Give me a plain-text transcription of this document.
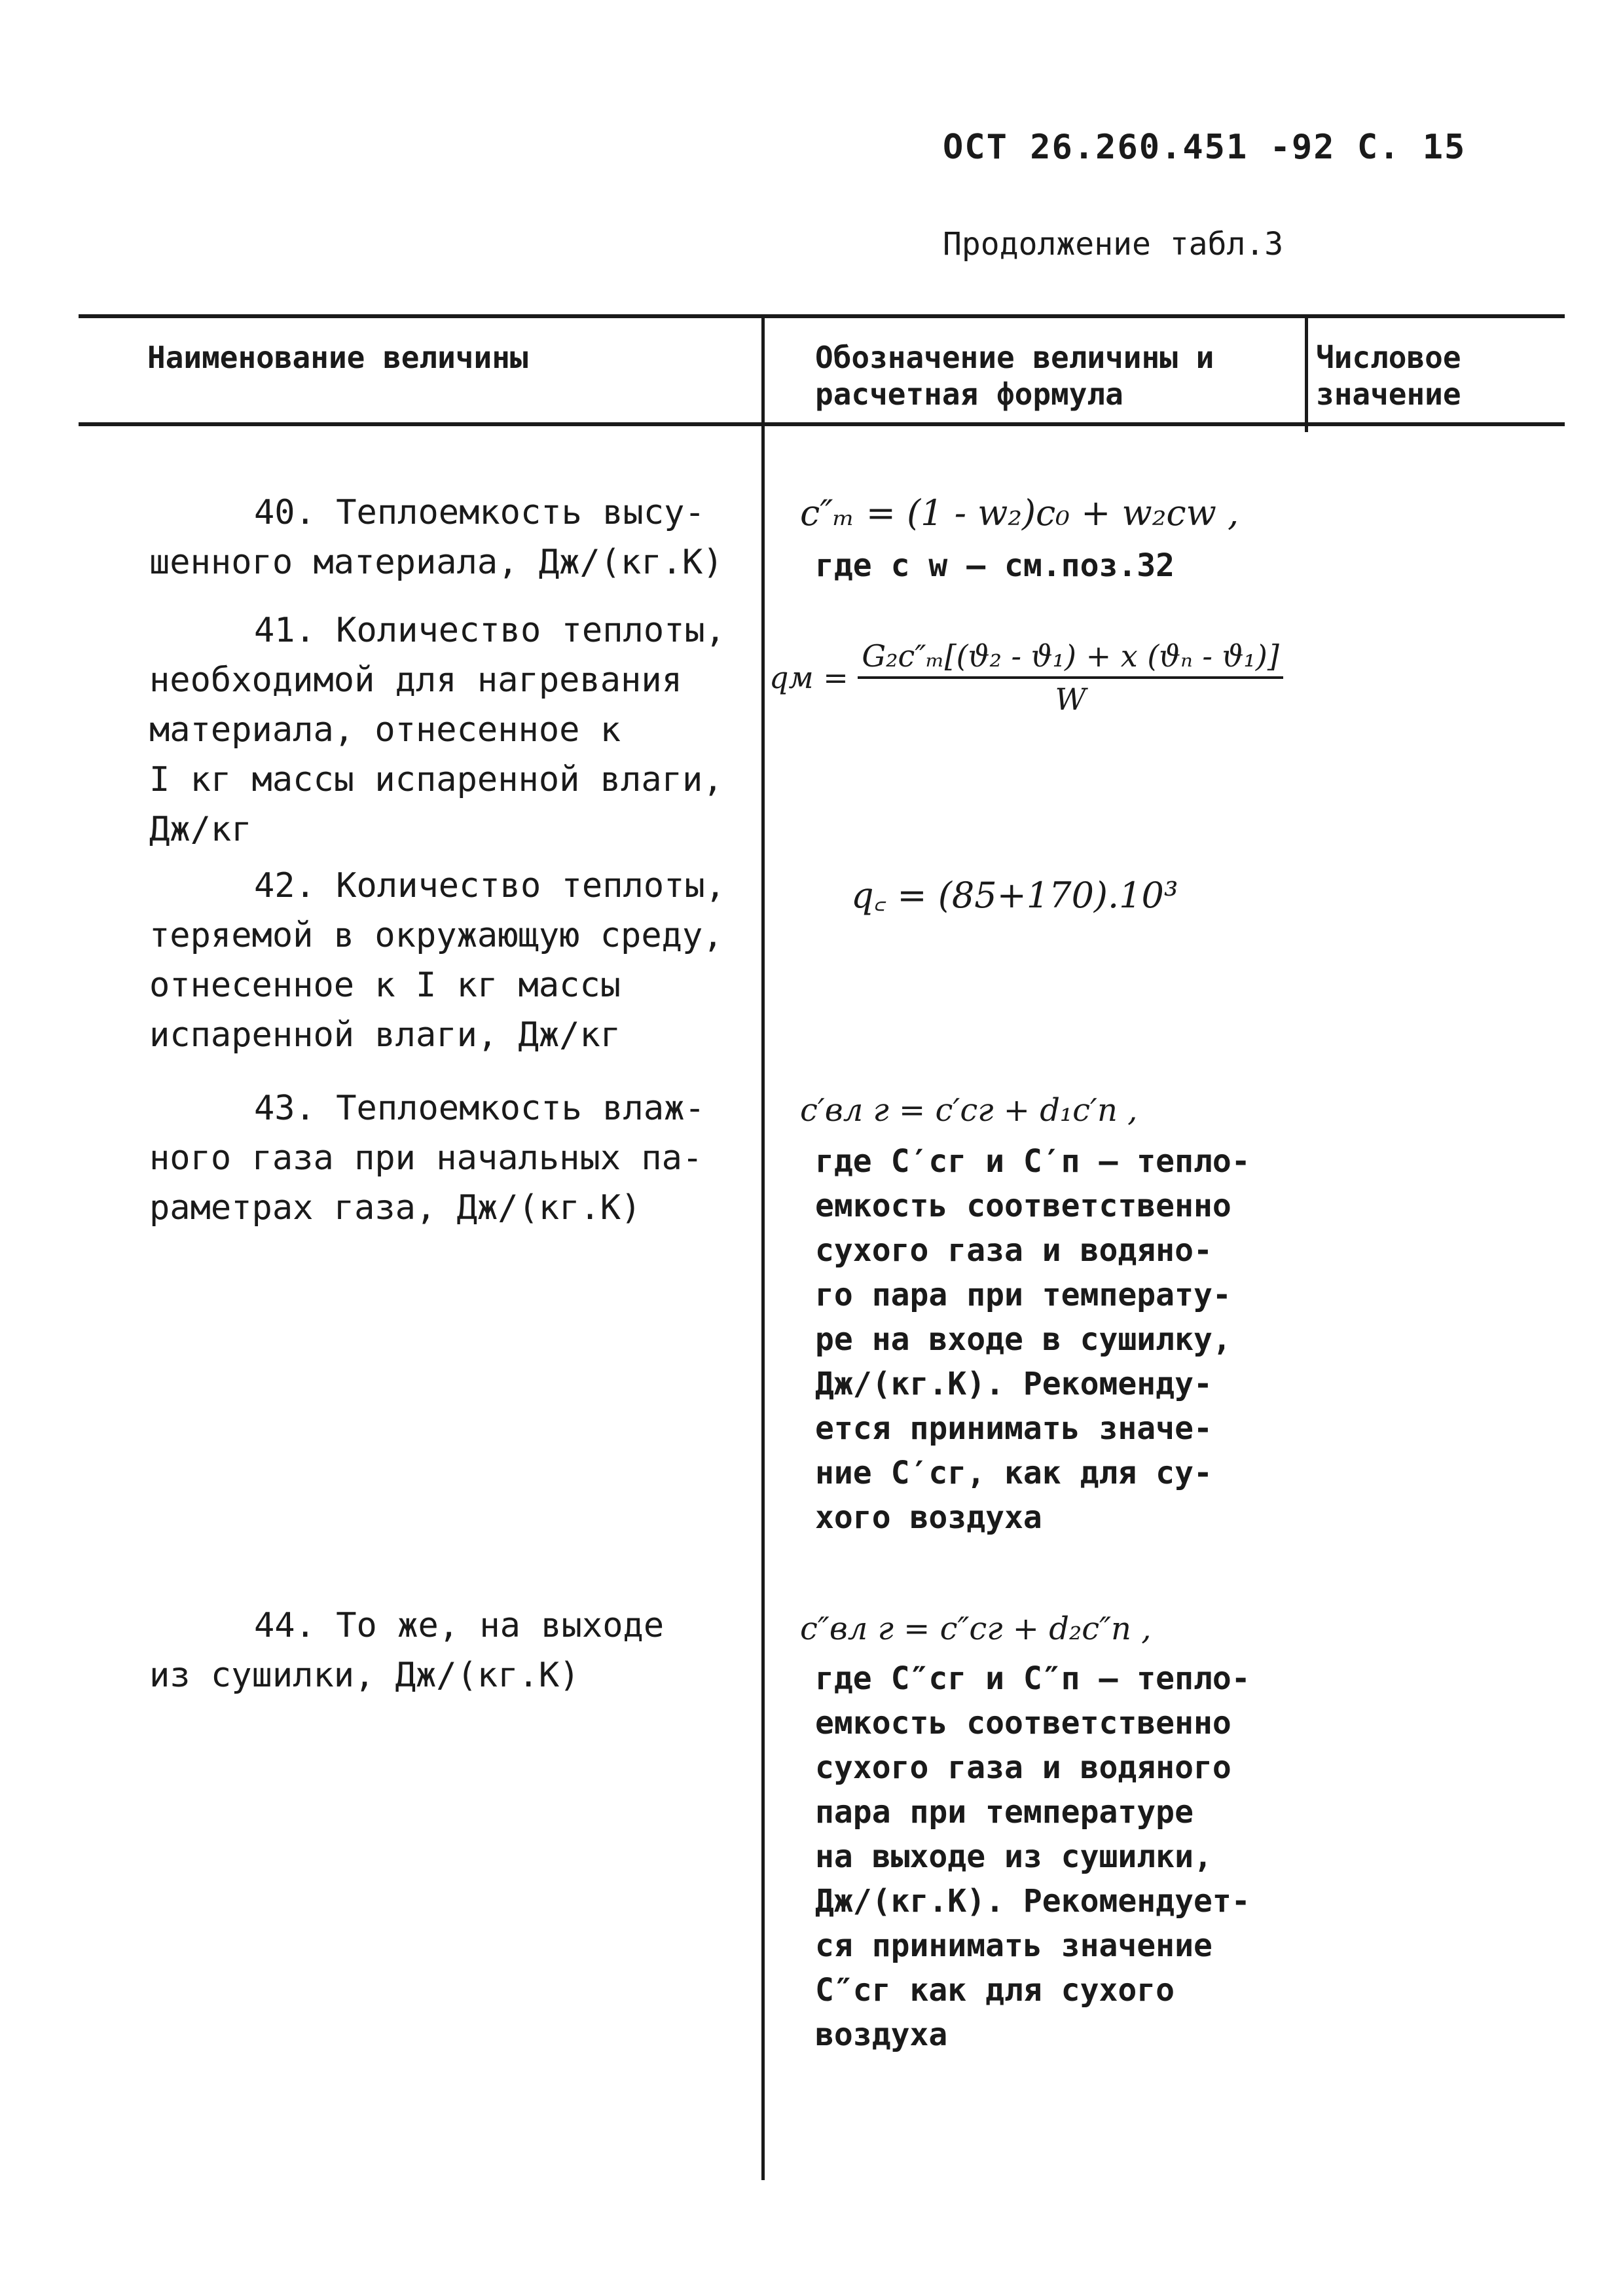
ОСТ 26.260.451 -92 С. 15
Продолжение табл.3
Наименование величины	Обозначение величины и расчетная формула
Числовое значение

40. Теплоемкость высу-

шенного материала, Дж/(кг.К)

c″ₘ = (1 - w₂)c₀ + w₂cw ,
где c w – см.поз.32

41. Количество теплоты,

необходимой для нагревания

материала, отнесенное к

I кг массы испаренной влаги,

Дж/кг

qм = $\frac{\text{G₂c″ₘ[(ϑ₂ - ϑ₁) + x (ϑₙ - ϑ₁)]}}{W}$

42. Количество теплоты,

теряемой в окружающую среду,

отнесенное к I кг массы

испаренной влаги, Дж/кг

q꜀ = (85+170).10³

43. Теплоемкость влаж-

ного газа при начальных па-

раметрах газа, Дж/(кг.К)

c′вл г = c′сг + d₁c′п ,

где C′сг и C′п – тепло-

емкость соответственно

сухого газа и водяно-

го пара при температу-

ре на входе в сушилку,

Дж/(кг.К). Рекоменду-

ется принимать значе-

ние C′сг, как для су-

хого воздуха

44. То же, на выходе

из сушилки, Дж/(кг.К)

c″вл г = c″сг + d₂c″п ,

где C″сг и C″п – тепло-

емкость соответственно

сухого газа и водяного

пара при температуре

на выходе из сушилки,

Дж/(кг.К). Рекомендует-

ся принимать значение

C″сг как для сухого

воздуха
